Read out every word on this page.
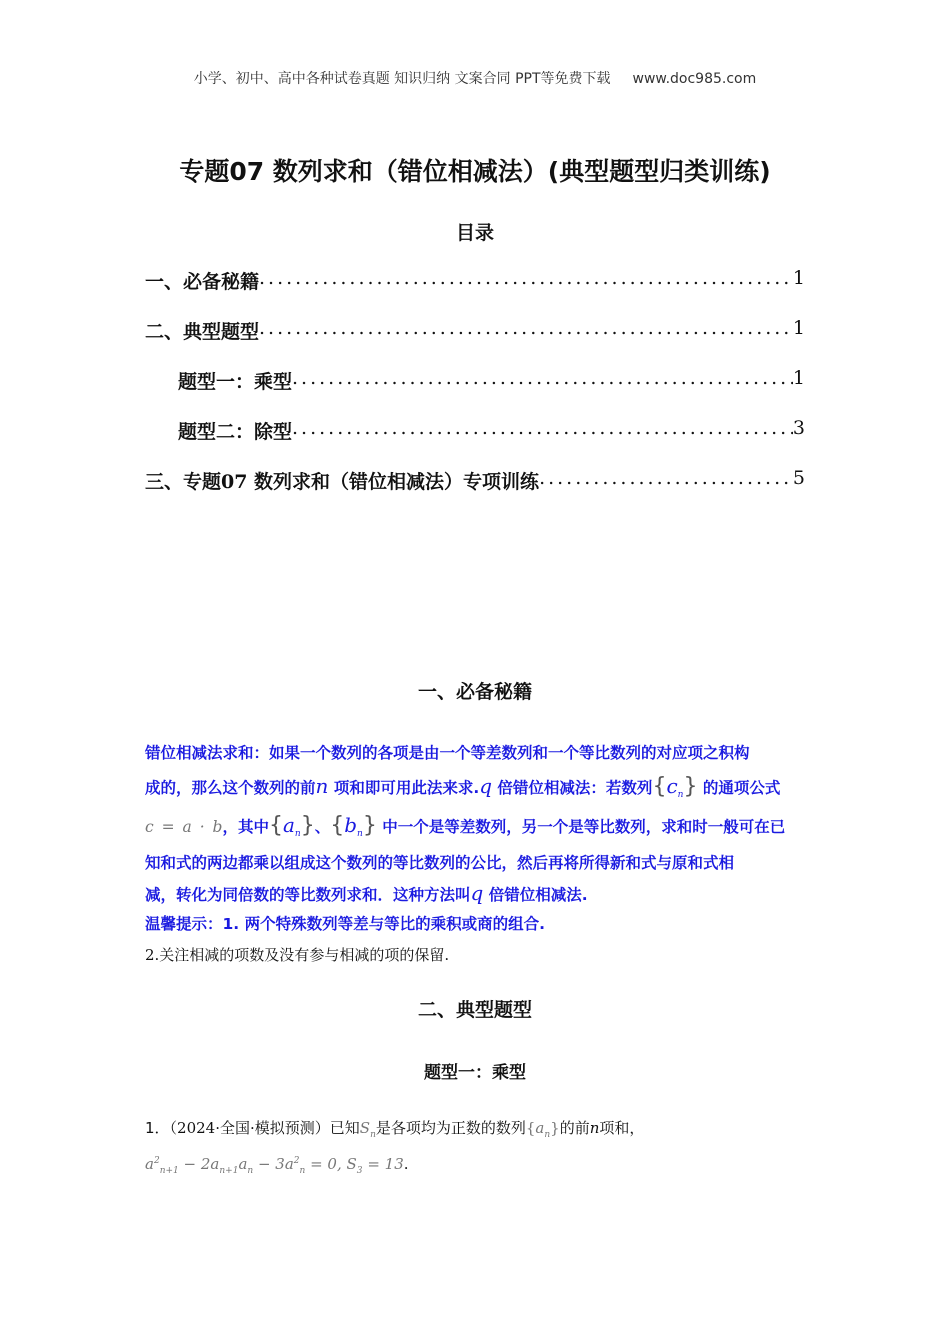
小学、初中、高中各种试卷真题 知识归纳 文案合同 PPT等免费下载 www.doc985.com
专题07 数列求和（错位相减法）(典型题型归类训练)
目录
一、必备秘籍 .....	1
二、典型题型 .....	1
题型一：乘型 .....	1
题型二：除型 .....	3
三、专题07 数列求和（错位相减法）专项训练 .....	5
一、必备秘籍
错位相减法求和：如果一个数列的各项是由一个等差数列和一个等比数列的对应项之积构
成的，那么这个数列的前n 项和即可用此法来求.q 倍错位相减法：若数列$\{c_n\}$ 的通项公式
c = a · b，其中$\{a_n\}$、$\{b_n\}$ 中一个是等差数列，另一个是等比数列，求和时一般可在已
知和式的两边都乘以组成这个数列的等比数列的公比，然后再将所得新和式与原和式相
减，转化为同倍数的等比数列求和．这种方法叫q 倍错位相减法.
温馨提示：1. 两个特殊数列等差与等比的乘积或商的组合.
2.关注相减的项数及没有参与相减的项的保留.
二、典型题型
题型一：乘型
1．（2024·全国·模拟预测）已知$S_n$是各项均为正数的数列$\{a_n\}$的前n项和，
$a^2_{n+1} - 2a_{n+1}a_n - 3a^2_n = 0$, $S_3 = 13$.
